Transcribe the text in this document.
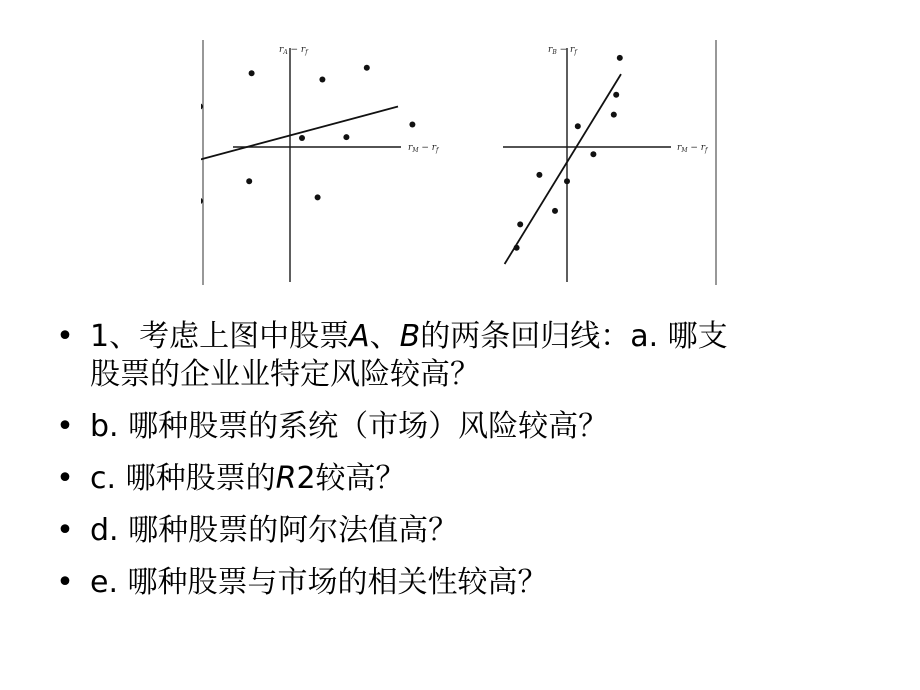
$r_A - r_f$
$r_M - r_f$
$r_B - r_f$
$r_M - r_f$
• 1、考虑上图中股票A、B的两条回归线：a. 哪支
股票的企业业特定风险较高？
• b. 哪种股票的系统（市场）风险较高？
• c. 哪种股票的R2较高？
• d. 哪种股票的阿尔法值高？
• e. 哪种股票与市场的相关性较高？
